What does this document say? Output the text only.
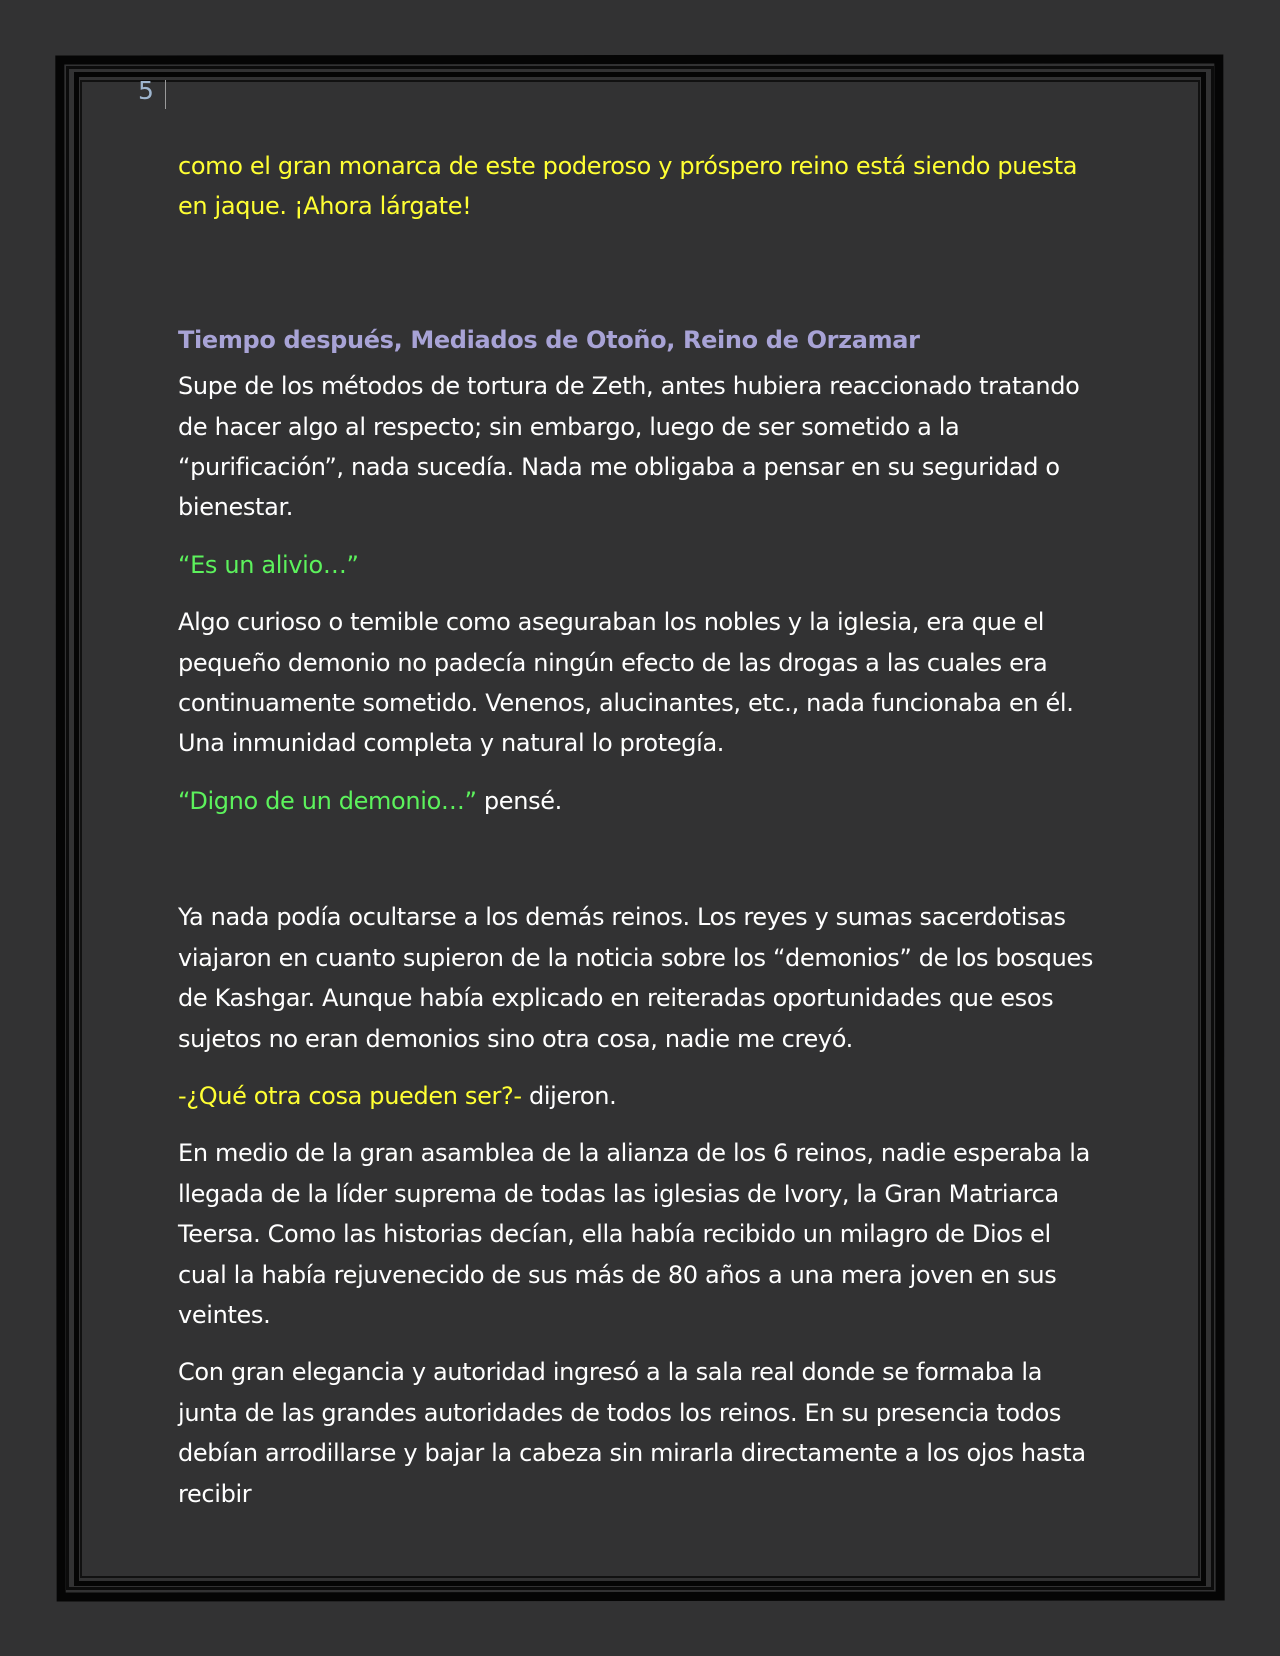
5

como el gran monarca de este poderoso y próspero reino está siendo puesta en jaque. ¡Ahora lárgate!

Tiempo después, Mediados de Otoño, Reino de Orzamar

Supe de los métodos de tortura de Zeth, antes hubiera reaccionado tratando de hacer algo al respecto; sin embargo, luego de ser sometido a la “purificación”, nada sucedía. Nada me obligaba a pensar en su seguridad o bienestar.

“Es un alivio…”

Algo curioso o temible como aseguraban los nobles y la iglesia, era que el pequeño demonio no padecía ningún efecto de las drogas a las cuales era continuamente sometido. Venenos, alucinantes, etc., nada funcionaba en él. Una inmunidad completa y natural lo protegía.

“Digno de un demonio…” pensé.

Ya nada podía ocultarse a los demás reinos. Los reyes y sumas sacerdotisas viajaron en cuanto supieron de la noticia sobre los “demonios” de los bosques de Kashgar. Aunque había explicado en reiteradas oportunidades que esos sujetos no eran demonios sino otra cosa, nadie me creyó.

-¿Qué otra cosa pueden ser?- dijeron.

En medio de la gran asamblea de la alianza de los 6 reinos, nadie esperaba la llegada de la líder suprema de todas las iglesias de Ivory, la Gran Matriarca Teersa. Como las historias decían, ella había recibido un milagro de Dios el cual la había rejuvenecido de sus más de 80 años a una mera joven en sus veintes.

Con gran elegancia y autoridad ingresó a la sala real donde se formaba la junta de las grandes autoridades de todos los reinos. En su presencia todos debían arrodillarse y bajar la cabeza sin mirarla directamente a los ojos hasta recibir
